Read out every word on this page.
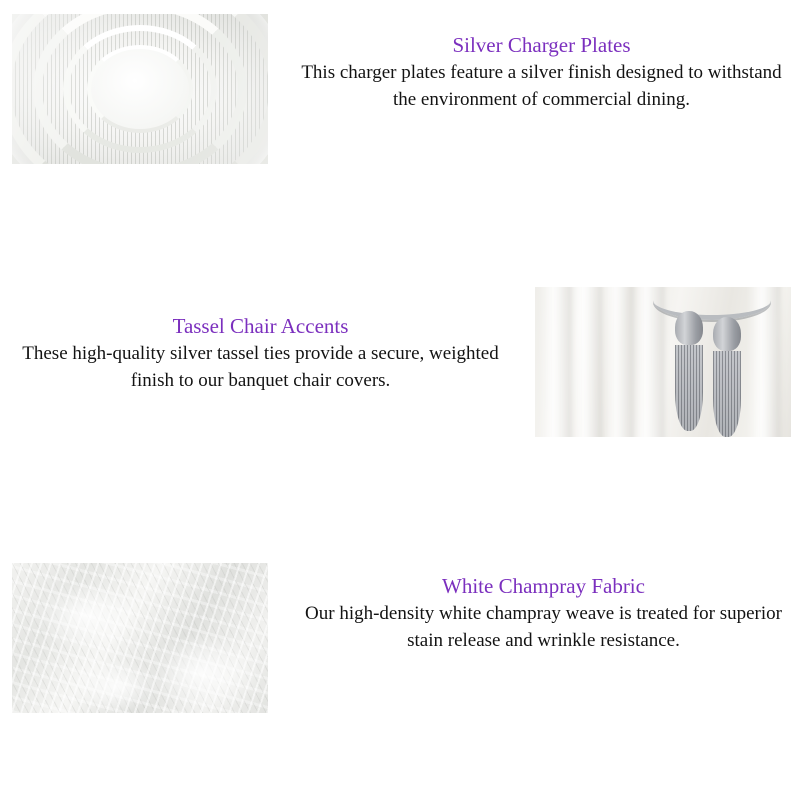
Silver Charger Plates

This charger plates feature a silver finish designed to withstand the environment of commercial dining.

Tassel Chair Accents

These high-quality silver tassel ties provide a secure, weighted finish to our banquet chair covers.

White Champray Fabric

Our high-density white champray weave is treated for superior stain release and wrinkle resistance.
